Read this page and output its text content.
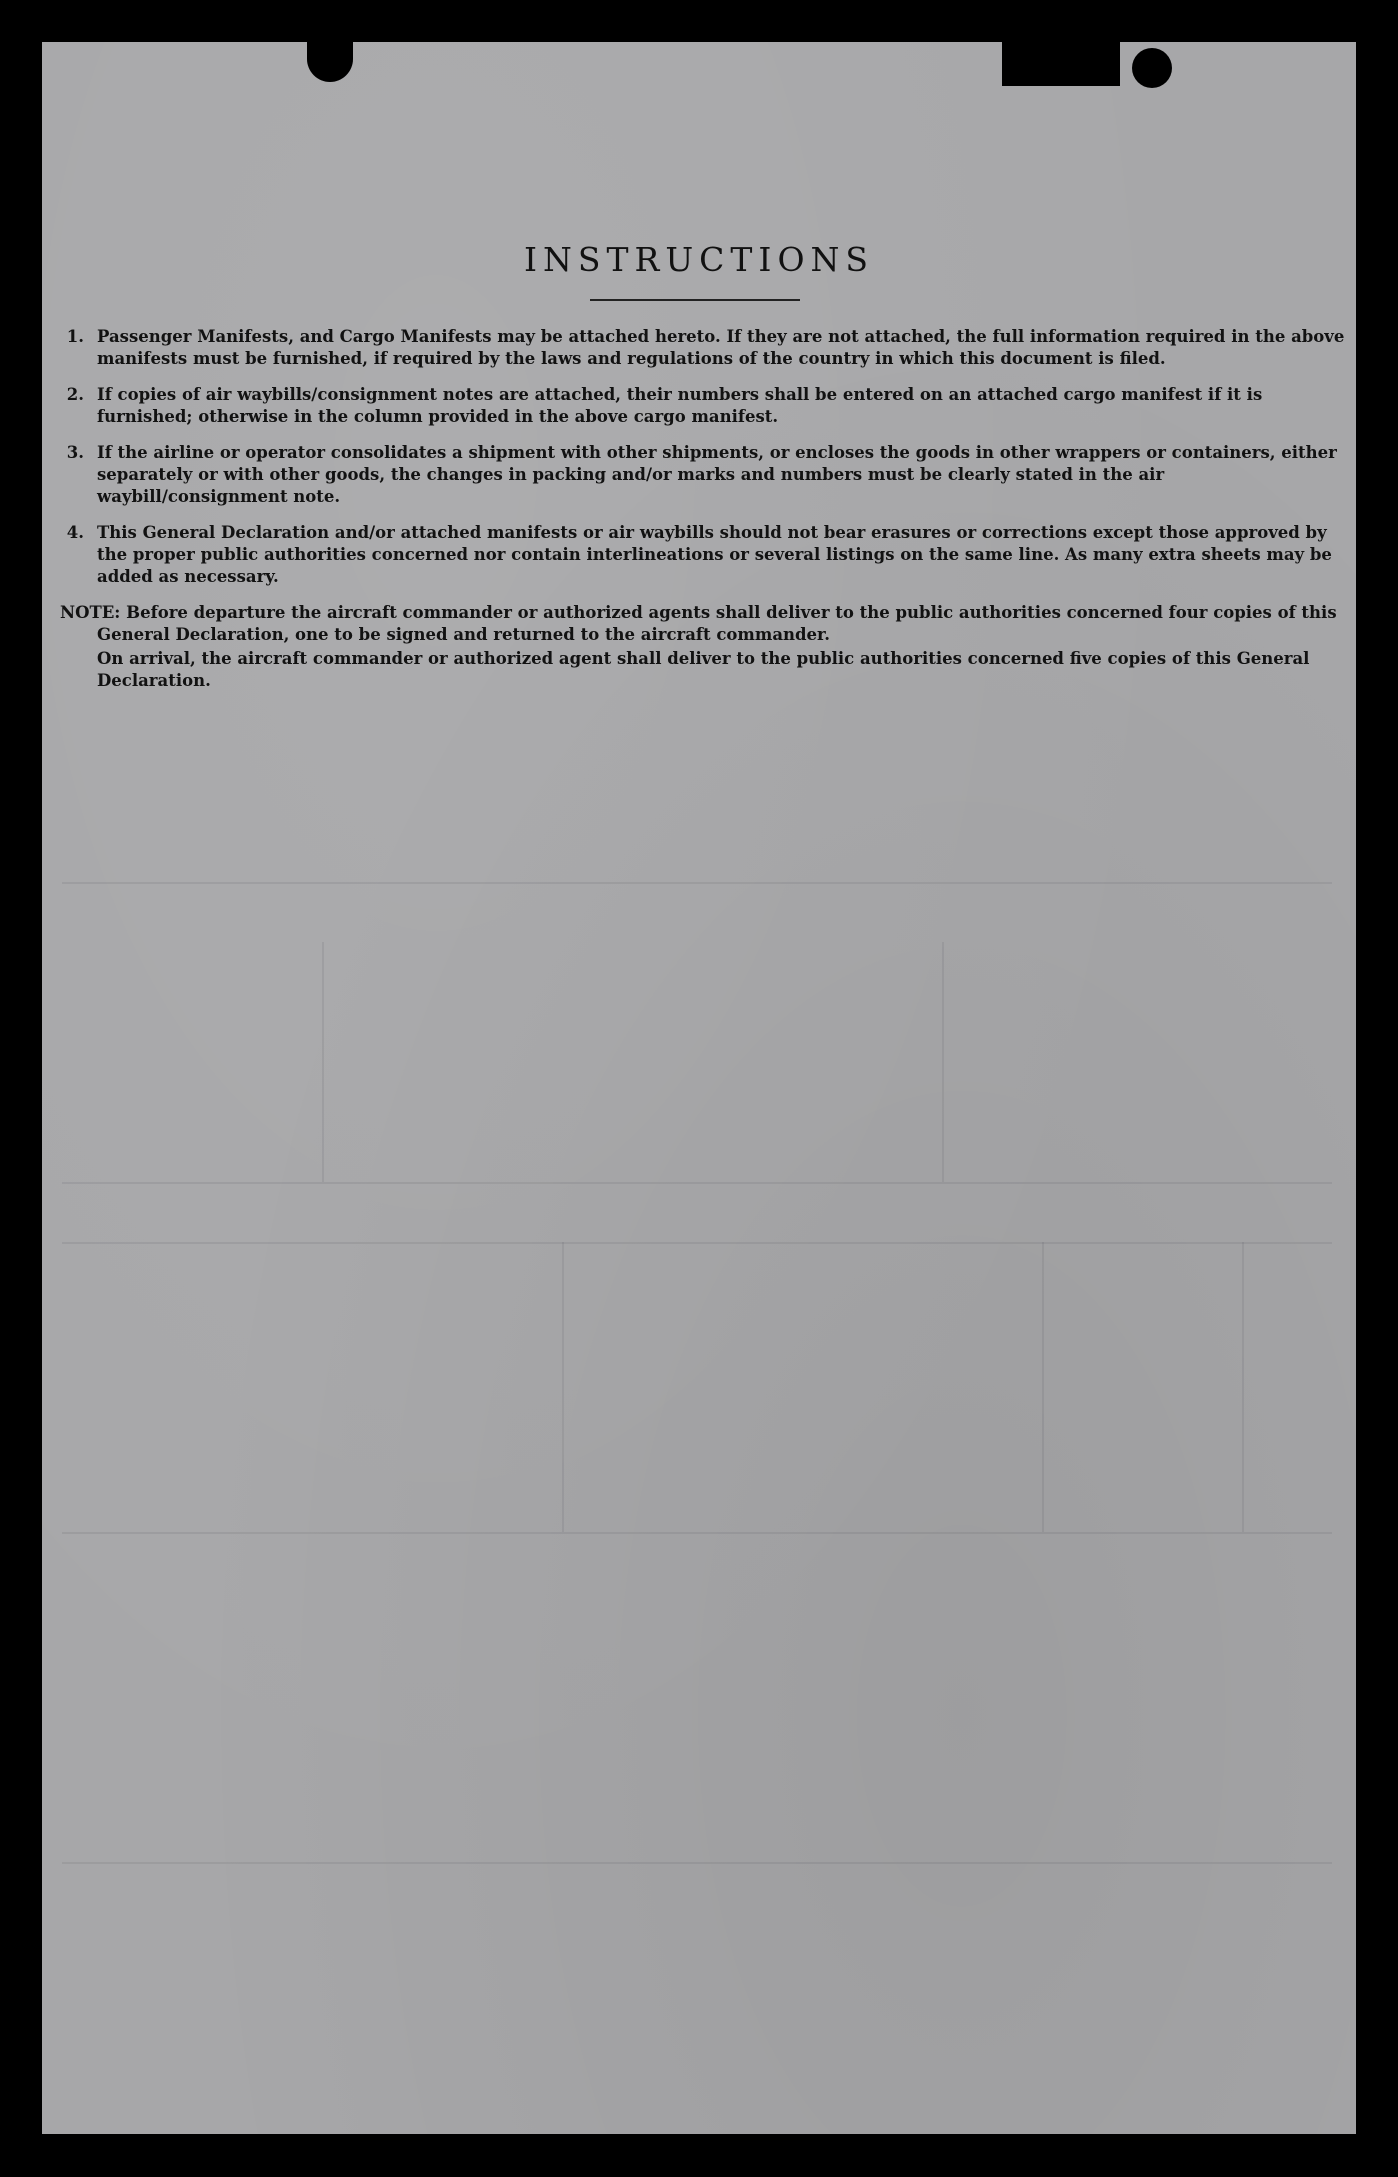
INSTRUCTIONS
1. Passenger Manifests, and Cargo Manifests may be attached hereto. If they are not attached, the full information required in the above manifests must be furnished, if required by the laws and regulations of the country in which this document is filed.
2. If copies of air waybills/consignment notes are attached, their numbers shall be entered on an attached cargo manifest if it is furnished; otherwise in the column provided in the above cargo manifest.
3. If the airline or operator consolidates a shipment with other shipments, or encloses the goods in other wrappers or containers, either separately or with other goods, the changes in packing and/or marks and numbers must be clearly stated in the air waybill/consignment note.
4. This General Declaration and/or attached manifests or air waybills should not bear erasures or corrections except those approved by the proper public authorities concerned nor contain interlineations or several listings on the same line. As many extra sheets may be added as necessary.
NOTE: Before departure the aircraft commander or authorized agents shall deliver to the public authorities concerned four copies of this General Declaration, one to be signed and returned to the aircraft commander.
On arrival, the aircraft commander or authorized agent shall deliver to the public authorities concerned five copies of this General Declaration.
